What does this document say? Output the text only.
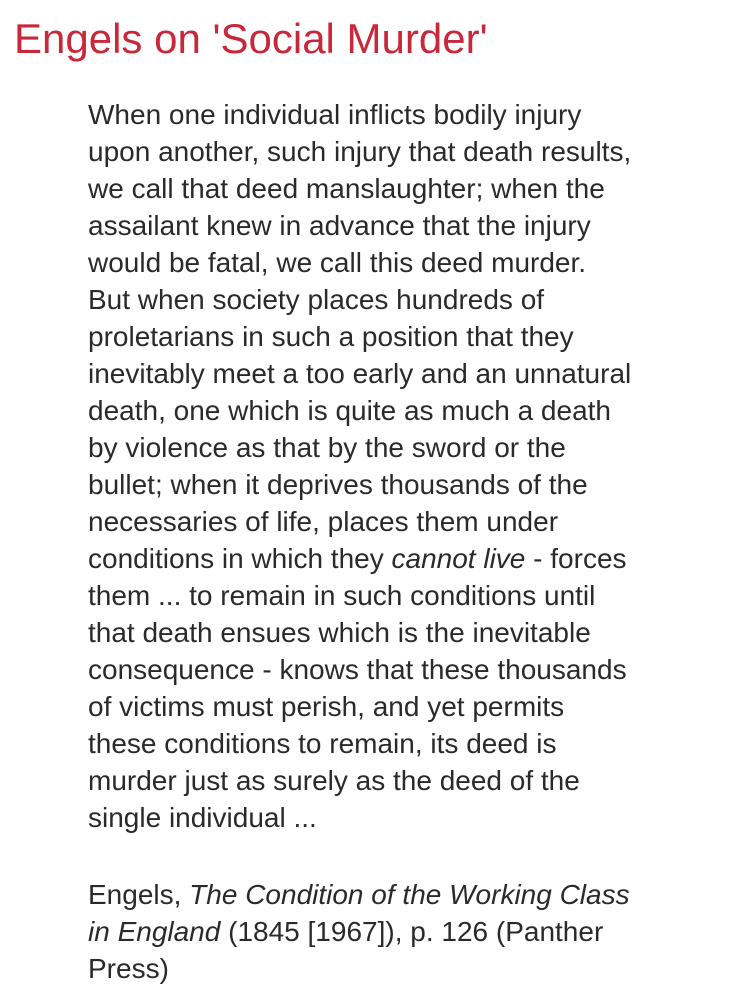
Engels on 'Social Murder'
When one individual inflicts bodily injury
upon another, such injury that death results,
we call that deed manslaughter; when the
assailant knew in advance that the injury
would be fatal, we call this deed murder.
But when society places hundreds of
proletarians in such a position that they
inevitably meet a too early and an unnatural
death, one which is quite as much a death
by violence as that by the sword or the
bullet; when it deprives thousands of the
necessaries of life, places them under
conditions in which they cannot live - forces
them ... to remain in such conditions until
that death ensues which is the inevitable
consequence - knows that these thousands
of victims must perish, and yet permits
these conditions to remain, its deed is
murder just as surely as the deed of the
single individual ...
Engels, The Condition of the Working Class
in England (1845 [1967]), p. 126 (Panther
Press)
